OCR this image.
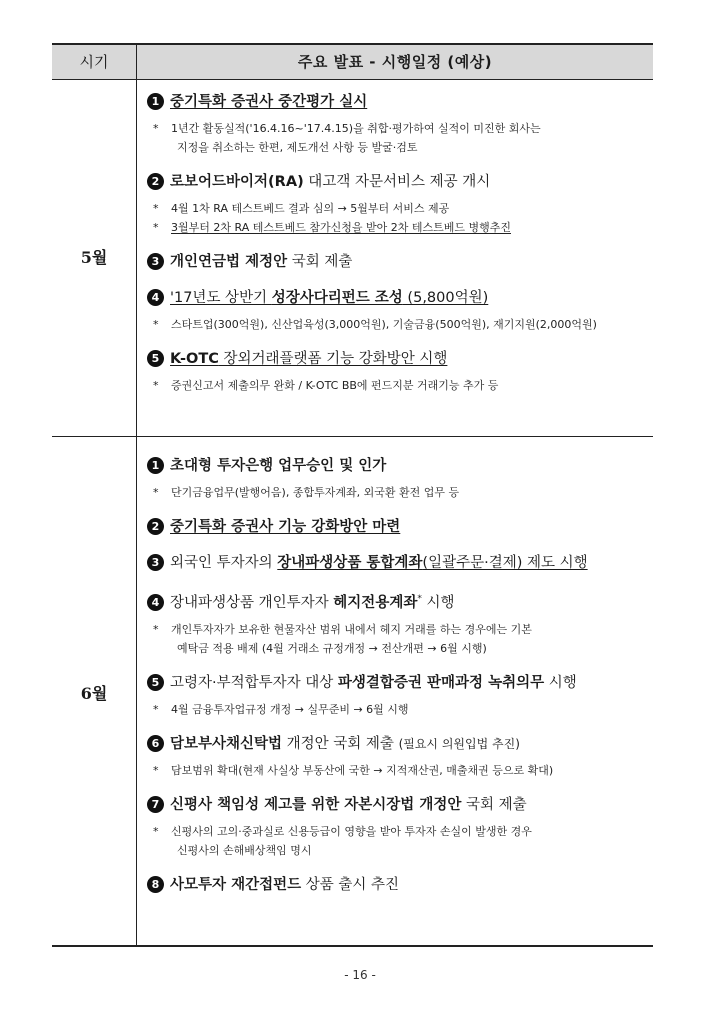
시기	주요 발표 - 시행일정 (예상)
5월
6월
1 중기특화 증권사 중간평가 실시
* 1년간 활동실적('16.4.16~'17.4.15)을 취합·평가하여 실적이 미진한 회사는
지정을 취소하는 한편, 제도개선 사항 등 발굴·검토
2 로보어드바이저(RA) 대고객 자문서비스 제공 개시
* 4월 1차 RA 테스트베드 결과 심의 → 5월부터 서비스 제공
* 3월부터 2차 RA 테스트베드 참가신청을 받아 2차 테스트베드 병행추진
3 개인연금법 제정안 국회 제출
4 '17년도 상반기 성장사다리펀드 조성 (5,800억원)
* 스타트업(300억원), 신산업육성(3,000억원), 기술금융(500억원), 재기지원(2,000억원)
5 K-OTC 장외거래플랫폼 기능 강화방안 시행
* 증권신고서 제출의무 완화 / K-OTC BB에 펀드지분 거래기능 추가 등
1 초대형 투자은행 업무승인 및 인가
* 단기금융업무(발행어음), 종합투자계좌, 외국환 환전 업무 등
2 중기특화 증권사 기능 강화방안 마련
3 외국인 투자자의 장내파생상품 통합계좌(일괄주문·결제) 제도 시행
4 장내파생상품 개인투자자 헤지전용계좌* 시행
* 개인투자자가 보유한 현물자산 범위 내에서 헤지 거래를 하는 경우에는 기본
예탁금 적용 배제 (4월 거래소 규정개정 → 전산개편 → 6월 시행)
5 고령자·부적합투자자 대상 파생결합증권 판매과정 녹취의무 시행
* 4월 금융투자업규정 개정 → 실무준비 → 6월 시행
6 담보부사채신탁법 개정안 국회 제출 (필요시 의원입법 추진)
* 담보범위 확대(현재 사실상 부동산에 국한 → 지적재산권, 매출채권 등으로 확대)
7 신평사 책임성 제고를 위한 자본시장법 개정안 국회 제출
* 신평사의 고의·중과실로 신용등급이 영향을 받아 투자자 손실이 발생한 경우
신평사의 손해배상책임 명시
8 사모투자 재간접펀드 상품 출시 추진
- 16 -
